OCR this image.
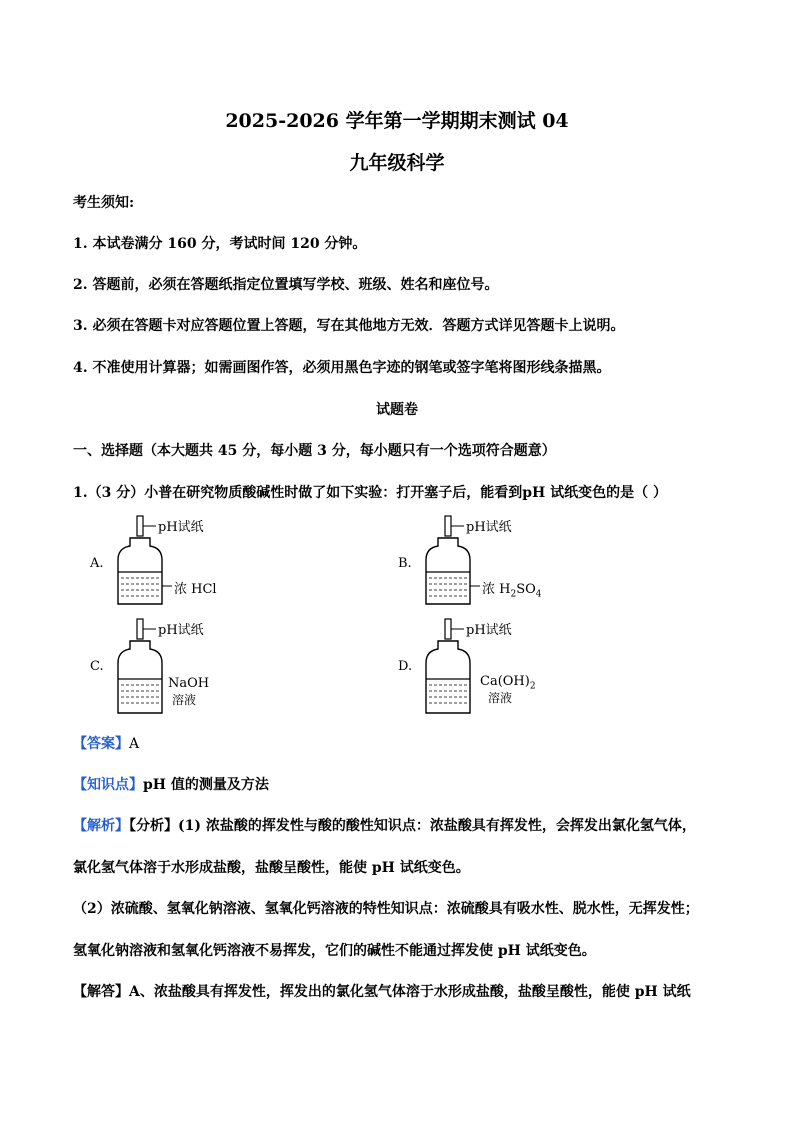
2025-2026 学年第一学期期末测试 04
九年级科学
考生须知:
1. 本试卷满分 160 分，考试时间 120 分钟。
2. 答题前，必须在答题纸指定位置填写学校、班级、姓名和座位号。
3. 必须在答题卡对应答题位置上答题，写在其他地方无效．答题方式详见答题卡上说明。
4. 不准使用计算器；如需画图作答，必须用黑色字迹的钢笔或签字笔将图形线条描黑。
试题卷
一、选择题（本大题共 45 分，每小题 3 分，每小题只有一个选项符合题意）
1.（3 分）小普在研究物质酸碱性时做了如下实验：打开塞子后，能看到pH 试纸变色的是（ ）
A.
pH试纸
浓 HCl
B.
pH试纸
浓 $H_2SO_4$
C.
pH试纸
NaOH
溶液
D.
pH试纸
$Ca(OH)_2$
溶液
【答案】A
【知识点】pH 值的测量及方法
【解析】【分析】(1) 浓盐酸的挥发性与酸的酸性知识点：浓盐酸具有挥发性，会挥发出氯化氢气体，
氯化氢气体溶于水形成盐酸，盐酸呈酸性，能使 pH 试纸变色。
（2）浓硫酸、氢氧化钠溶液、氢氧化钙溶液的特性知识点：浓硫酸具有吸水性、脱水性，无挥发性；
氢氧化钠溶液和氢氧化钙溶液不易挥发，它们的碱性不能通过挥发使 pH 试纸变色。
【解答】A、浓盐酸具有挥发性，挥发出的氯化氢气体溶于水形成盐酸，盐酸呈酸性，能使 pH 试纸
